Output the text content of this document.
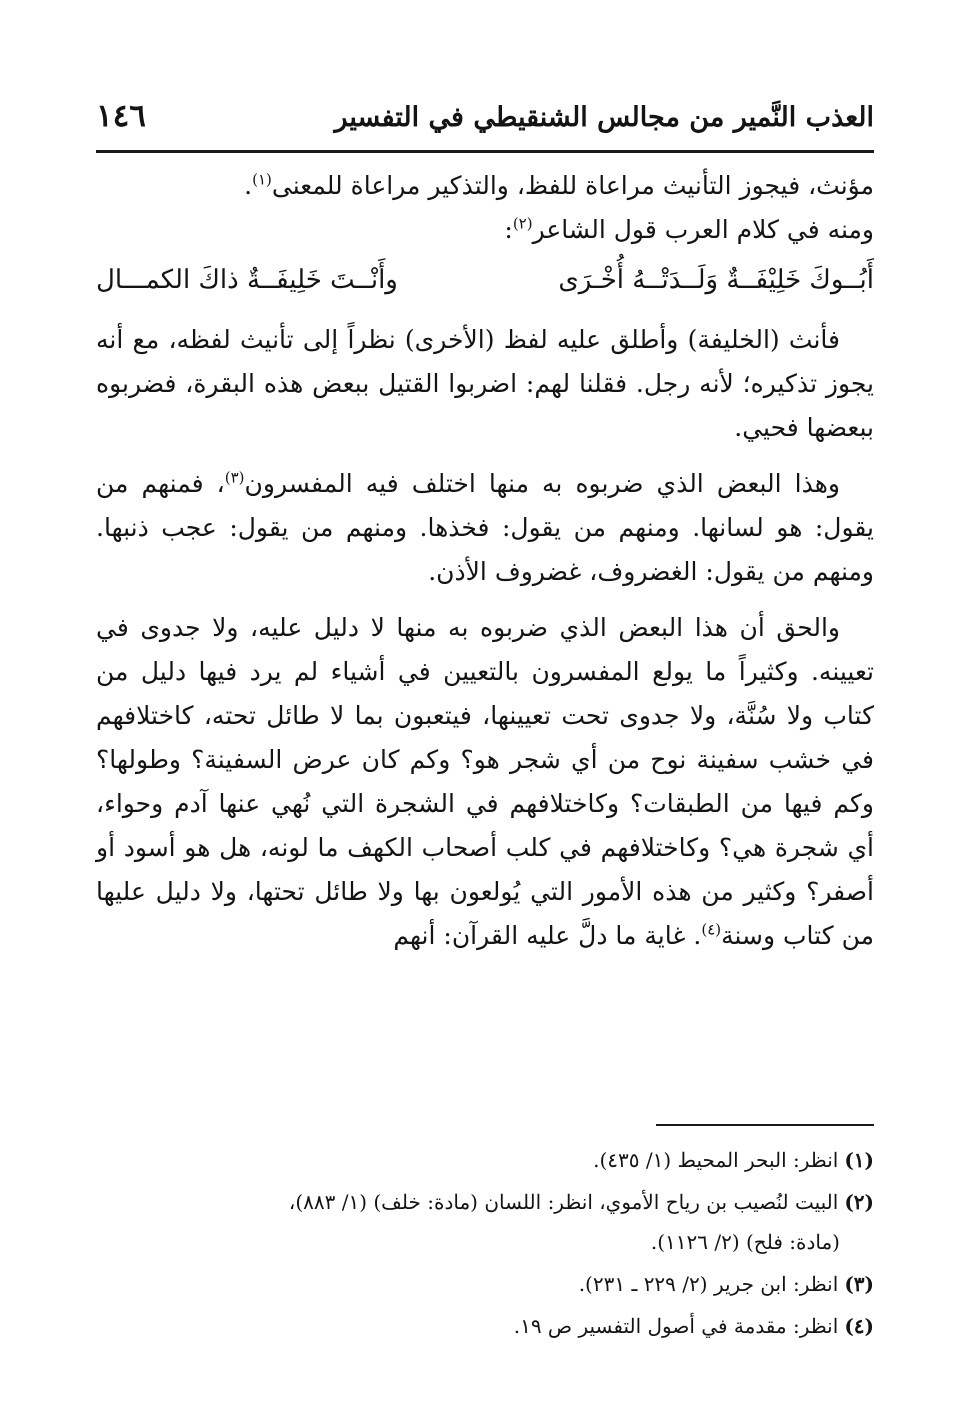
العذب النَّمير من مجالس الشنقيطي في التفسير
١٤٦

مؤنث، فيجوز التأنيث مراعاة للفظ، والتذكير مراعاة للمعنى$^{(١)}$.
ومنه في كلام العرب قول الشاعر$^{(٢)}$:

أَبُــوكَ خَلِيْفَــةٌ وَلَــدَتْــهُ أُخْـرَى
وأَنْــتَ خَلِيفَــةٌ ذاكَ الكمـــال

فأنث (الخليفة) وأطلق عليه لفظ (الأخرى) نظراً إلى تأنيث لفظه، مع أنه يجوز تذكيره؛ لأنه رجل. فقلنا لهم: اضربوا القتيل ببعض هذه البقرة، فضربوه ببعضها فحيي.

وهذا البعض الذي ضربوه به منها اختلف فيه المفسرون$^{(٣)}$، فمنهم من يقول: هو لسانها. ومنهم من يقول: فخذها. ومنهم من يقول: عجب ذنبها. ومنهم من يقول: الغضروف، غضروف الأذن.

والحق أن هذا البعض الذي ضربوه به منها لا دليل عليه، ولا جدوى في تعيينه. وكثيراً ما يولع المفسرون بالتعيين في أشياء لم يرد فيها دليل من كتاب ولا سُنَّة، ولا جدوى تحت تعيينها، فيتعبون بما لا طائل تحته، كاختلافهم في خشب سفينة نوح من أي شجر هو؟ وكم كان عرض السفينة؟ وطولها؟ وكم فيها من الطبقات؟ وكاختلافهم في الشجرة التي نُهي عنها آدم وحواء، أي شجرة هي؟ وكاختلافهم في كلب أصحاب الكهف ما لونه، هل هو أسود أو أصفر؟ وكثير من هذه الأمور التي يُولعون بها ولا طائل تحتها، ولا دليل عليها من كتاب وسنة$^{(٤)}$. غاية ما دلَّ عليه القرآن: أنهم

(١)انظر: البحر المحيط (١/ ٤٣٥).

(٢)البيت لنُصيب بن رياح الأموي، انظر: اللسان (مادة: خلف) (١/ ٨٨٣)،
(مادة: فلح) (٢/ ١١٢٦).

(٣)انظر: ابن جرير (٢/ ٢٢٩ ـ ٢٣١).

(٤)انظر: مقدمة في أصول التفسير ص ١٩.
